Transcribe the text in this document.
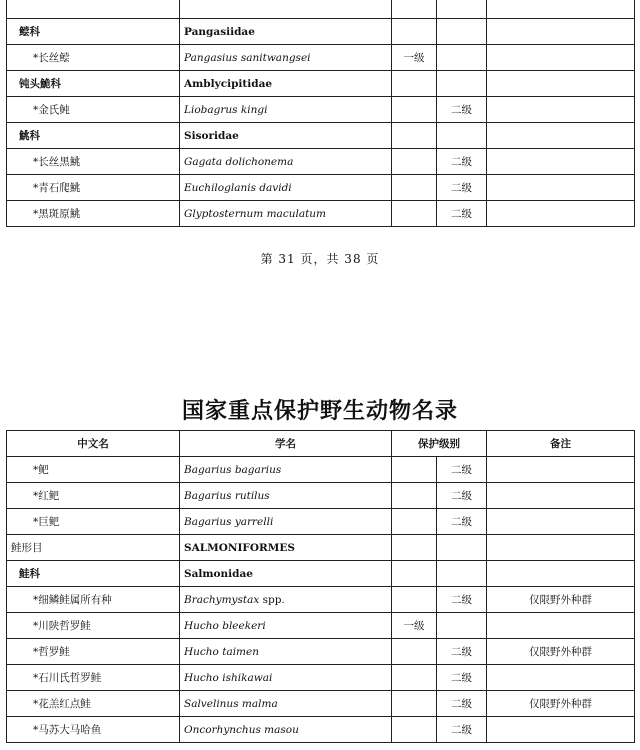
鲿科	Pangasiidae			
*长丝鲿	Pangasius sanitwangsei	一级		
钝头鮠科	Amblycipitidae			
*金氏鲀	Liobagrus kingi		二级	
鮡科	Sisoridae			
*长丝黑鮡	Gagata dolichonema		二级	
*青石爬鮡	Euchiloglanis davidi		二级	
*黑斑原鮡	Glyptosternum maculatum		二级	
第 31 页，共 38 页
国家重点保护野生动物名录
中文名	学名	保护级别		备注
*鲃	Bagarius bagarius		二级	
*红鲃	Bagarius rutilus		二级	
*巨鲃	Bagarius yarrelli		二级	
鲑形目	SALMONIFORMES			
鲑科	Salmonidae			
*细鳞鲑属所有种	Brachymystax spp.		二级	仅限野外种群
*川陕哲罗鲑	Hucho bleekeri	一级		
*哲罗鲑	Hucho taimen		二级	仅限野外种群
*石川氏哲罗鲑	Hucho ishikawai		二级	
*花羔红点鲑	Salvelinus malma		二级	仅限野外种群
*马苏大马哈鱼	Oncorhynchus masou		二级	
